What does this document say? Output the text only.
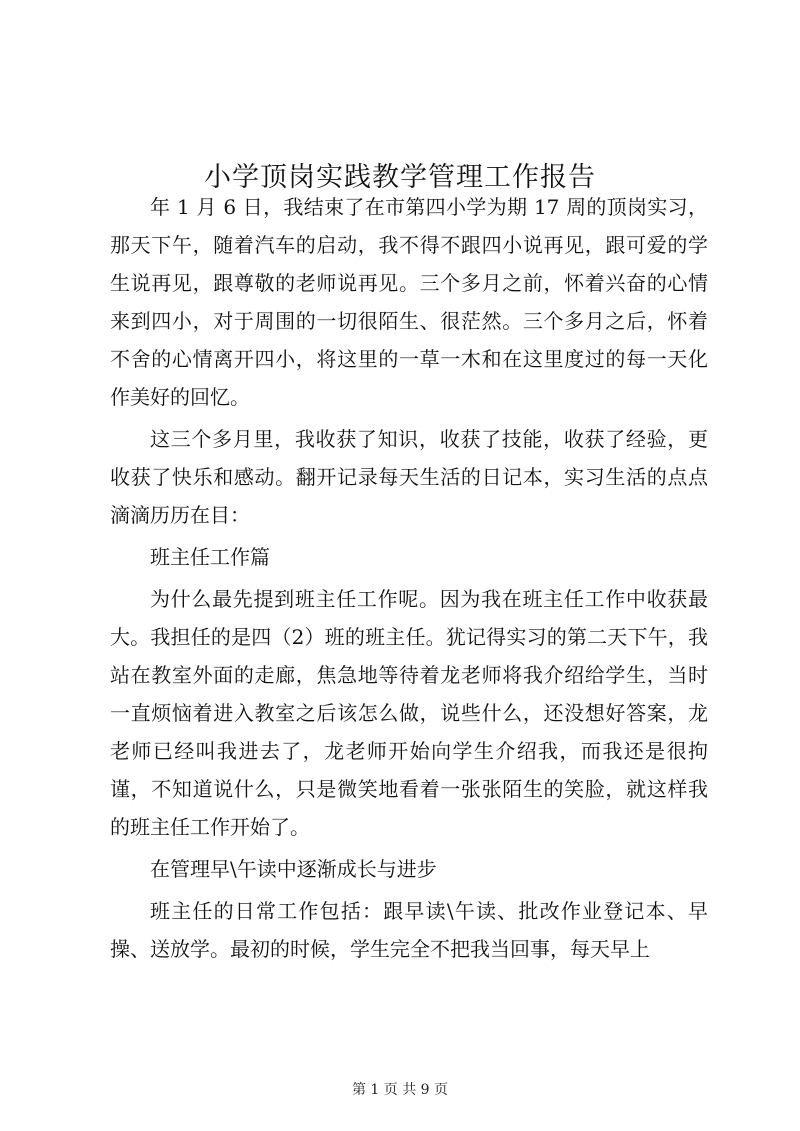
小学顶岗实践教学管理工作报告

年 1 月 6 日，我结束了在市第四小学为期 17 周的顶岗实习，那天下午，随着汽车的启动，我不得不跟四小说再见，跟可爱的学生说再见，跟尊敬的老师说再见。三个多月之前，怀着兴奋的心情来到四小，对于周围的一切很陌生、很茫然。三个多月之后，怀着不舍的心情离开四小，将这里的一草一木和在这里度过的每一天化作美好的回忆。

这三个多月里，我收获了知识，收获了技能，收获了经验，更收获了快乐和感动。翻开记录每天生活的日记本，实习生活的点点滴滴历历在目：

班主任工作篇

为什么最先提到班主任工作呢。因为我在班主任工作中收获最大。我担任的是四（2）班的班主任。犹记得实习的第二天下午，我站在教室外面的走廊，焦急地等待着龙老师将我介绍给学生，当时一直烦恼着进入教室之后该怎么做，说些什么，还没想好答案，龙老师已经叫我进去了，龙老师开始向学生介绍我，而我还是很拘谨，不知道说什么，只是微笑地看着一张张陌生的笑脸，就这样我的班主任工作开始了。

在管理早\午读中逐渐成长与进步

班主任的日常工作包括：跟早读\午读、批改作业登记本、早操、送放学。最初的时候，学生完全不把我当回事，每天早上

第 1 页 共 9 页
